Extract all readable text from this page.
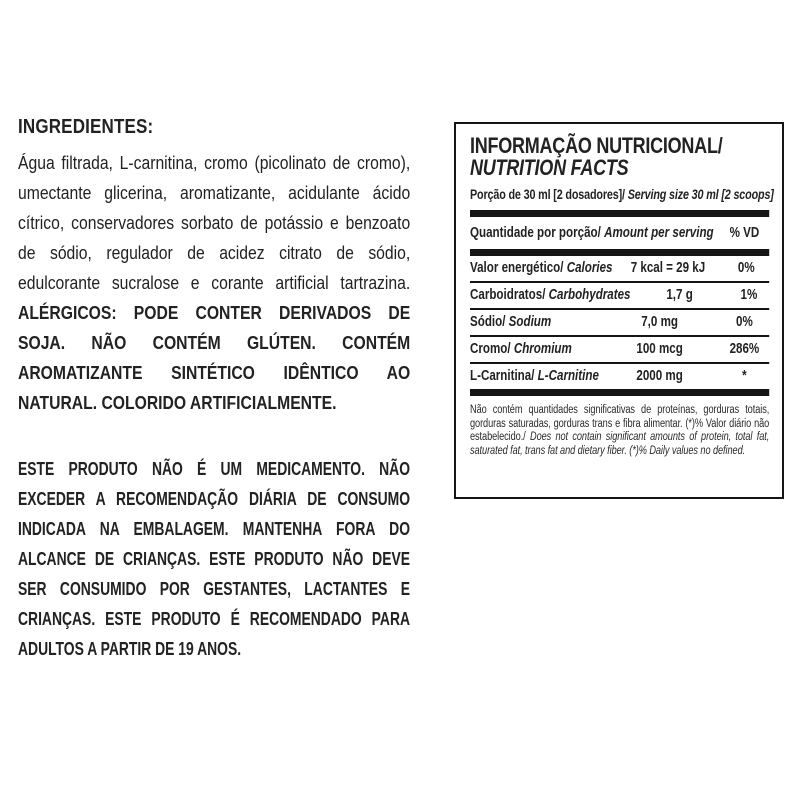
INGREDIENTES:

Água filtrada, L-carnitina, cromo (picolinato de cromo), umectante glicerina, aromatizante, acidulante ácido cítrico, conservadores sorbato de potássio e benzoato de sódio, regulador de acidez citrato de sódio, edulcorante sucralose e corante artificial tartrazina. ALÉRGICOS: PODE CONTER DERIVADOS DE SOJA. NÃO CONTÉM GLÚTEN. CONTÉM AROMATIZANTE SINTÉTICO IDÊNTICO AO NATURAL. COLORIDO ARTIFICIALMENTE.

ESTE PRODUTO NÃO É UM MEDICAMENTO. NÃO EXCEDER A RECOMENDAÇÃO DIÁRIA DE CONSUMO INDICADA NA EMBALAGEM. MANTENHA FORA DO ALCANCE DE CRIANÇAS. ESTE PRODUTO NÃO DEVE SER CONSUMIDO POR GESTANTES, LACTANTES E CRIANÇAS. ESTE PRODUTO É RECOMENDADO PARA ADULTOS A PARTIR DE 19 ANOS.

INFORMAÇÃO NUTRICIONAL/
NUTRITION FACTS
Porção de 30 ml [2 dosadores]/ Serving size 30 ml [2 scoops]
Quantidade por porção/ Amount per serving	% VD
Valor energético/ Calories	7 kcal = 29 kJ	0%
Carboidratos/ Carbohydrates	1,7 g	1%
Sódio/ Sodium	7,0 mg	0%
Cromo/ Chromium	100 mcg	286%
L-Carnitina/ L-Carnitine	2000 mg	*

Não contém quantidades significativas de proteínas, gorduras totais, gorduras saturadas, gorduras trans e fibra alimentar. (*)% Valor diário não estabelecido./ Does not contain significant amounts of protein, total fat, saturated fat, trans fat and dietary fiber. (*)% Daily values no defined.
